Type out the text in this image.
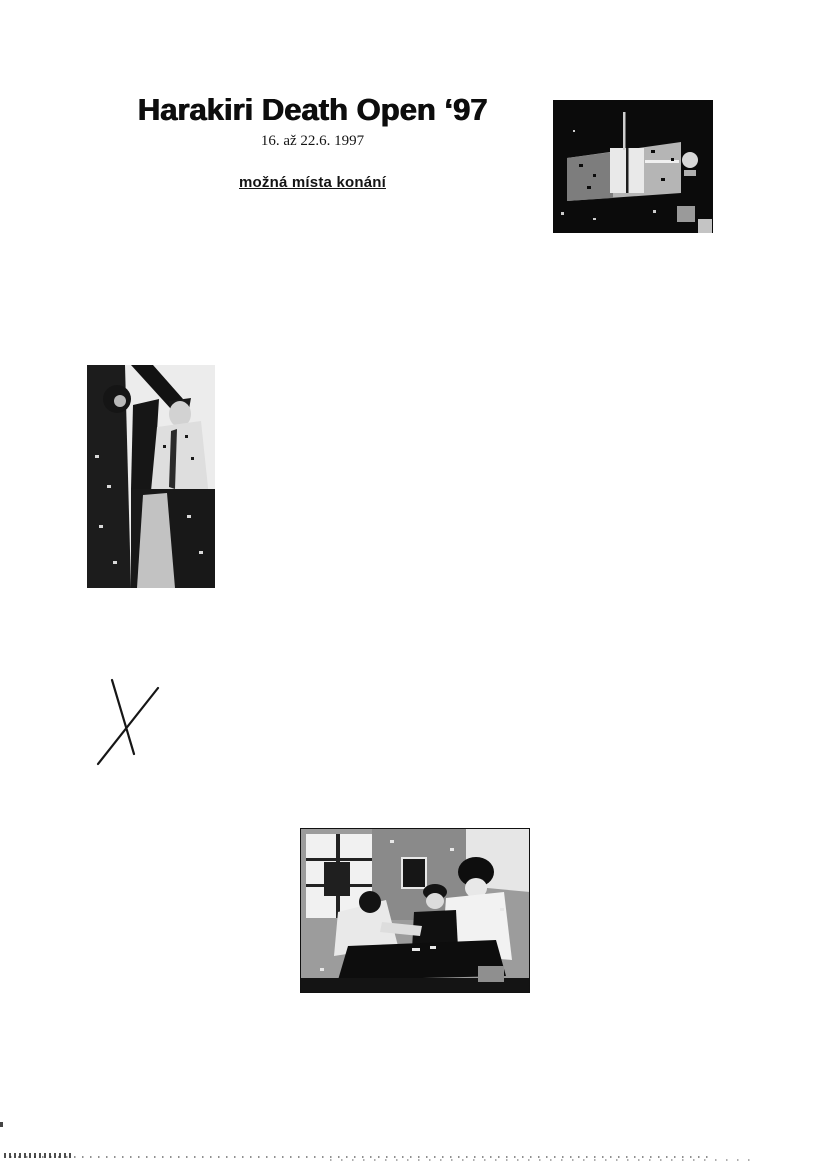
Harakiri Death Open ‘97
16. až 22.6. 1997
možná místa konání
